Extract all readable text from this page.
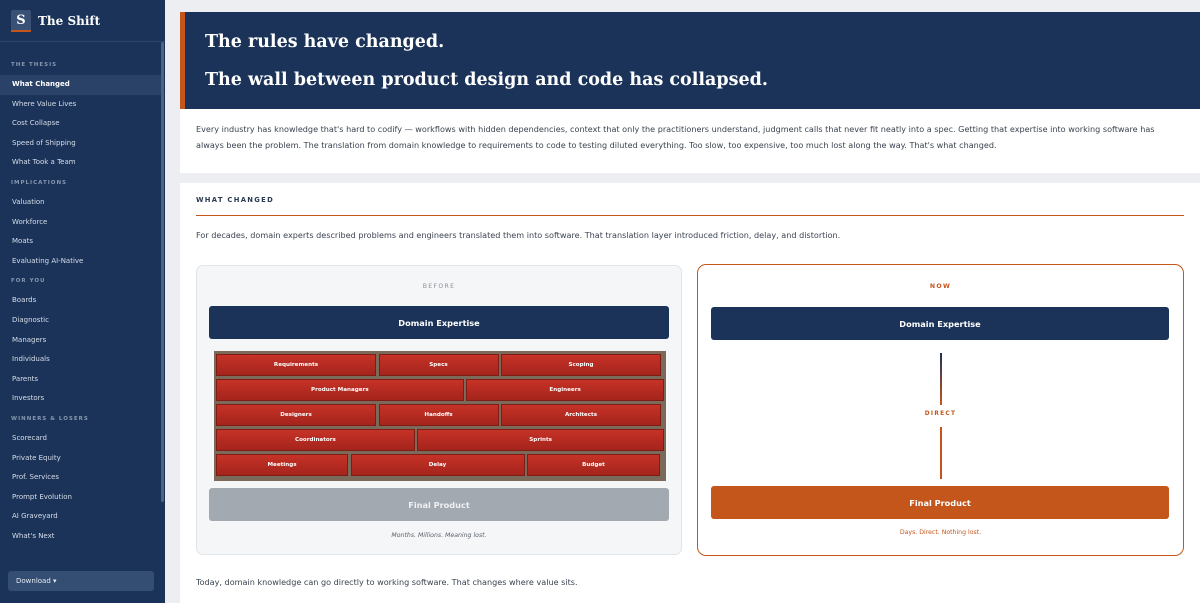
S	The Shift
THE THESIS
What Changed
Where Value Lives
Cost Collapse
Speed of Shipping
What Took a Team
IMPLICATIONS
Valuation
Workforce
Moats
Evaluating AI-Native
FOR YOU
Boards
Diagnostic
Managers
Individuals
Parents
Investors
WINNERS & LOSERS
Scorecard
Private Equity
Prof. Services
Prompt Evolution
AI Graveyard
What's Next
Download ▾
The rules have changed.
The wall between product design and code has collapsed.

Every industry has knowledge that's hard to codify — workflows with hidden dependencies, context that only the practitioners understand, judgment calls that never fit neatly into a spec. Getting that expertise into working software has always been the problem. The translation from domain knowledge to requirements to code to testing diluted everything. Too slow, too expensive, too much lost along the way. That's what changed.

WHAT CHANGED

For decades, domain experts described problems and engineers translated them into software. That translation layer introduced friction, delay, and distortion.

BEFORE
Domain Expertise
Requirements	Specs	Scoping
Product Managers	Engineers
Designers	Handoffs	Architects
Coordinators	Sprints
Meetings	Delay	Budget
Final Product
Months. Millions. Meaning lost.
NOW
Domain Expertise
DIRECT
Final Product
Days. Direct. Nothing lost.

Today, domain knowledge can go directly to working software. That changes where value sits.
